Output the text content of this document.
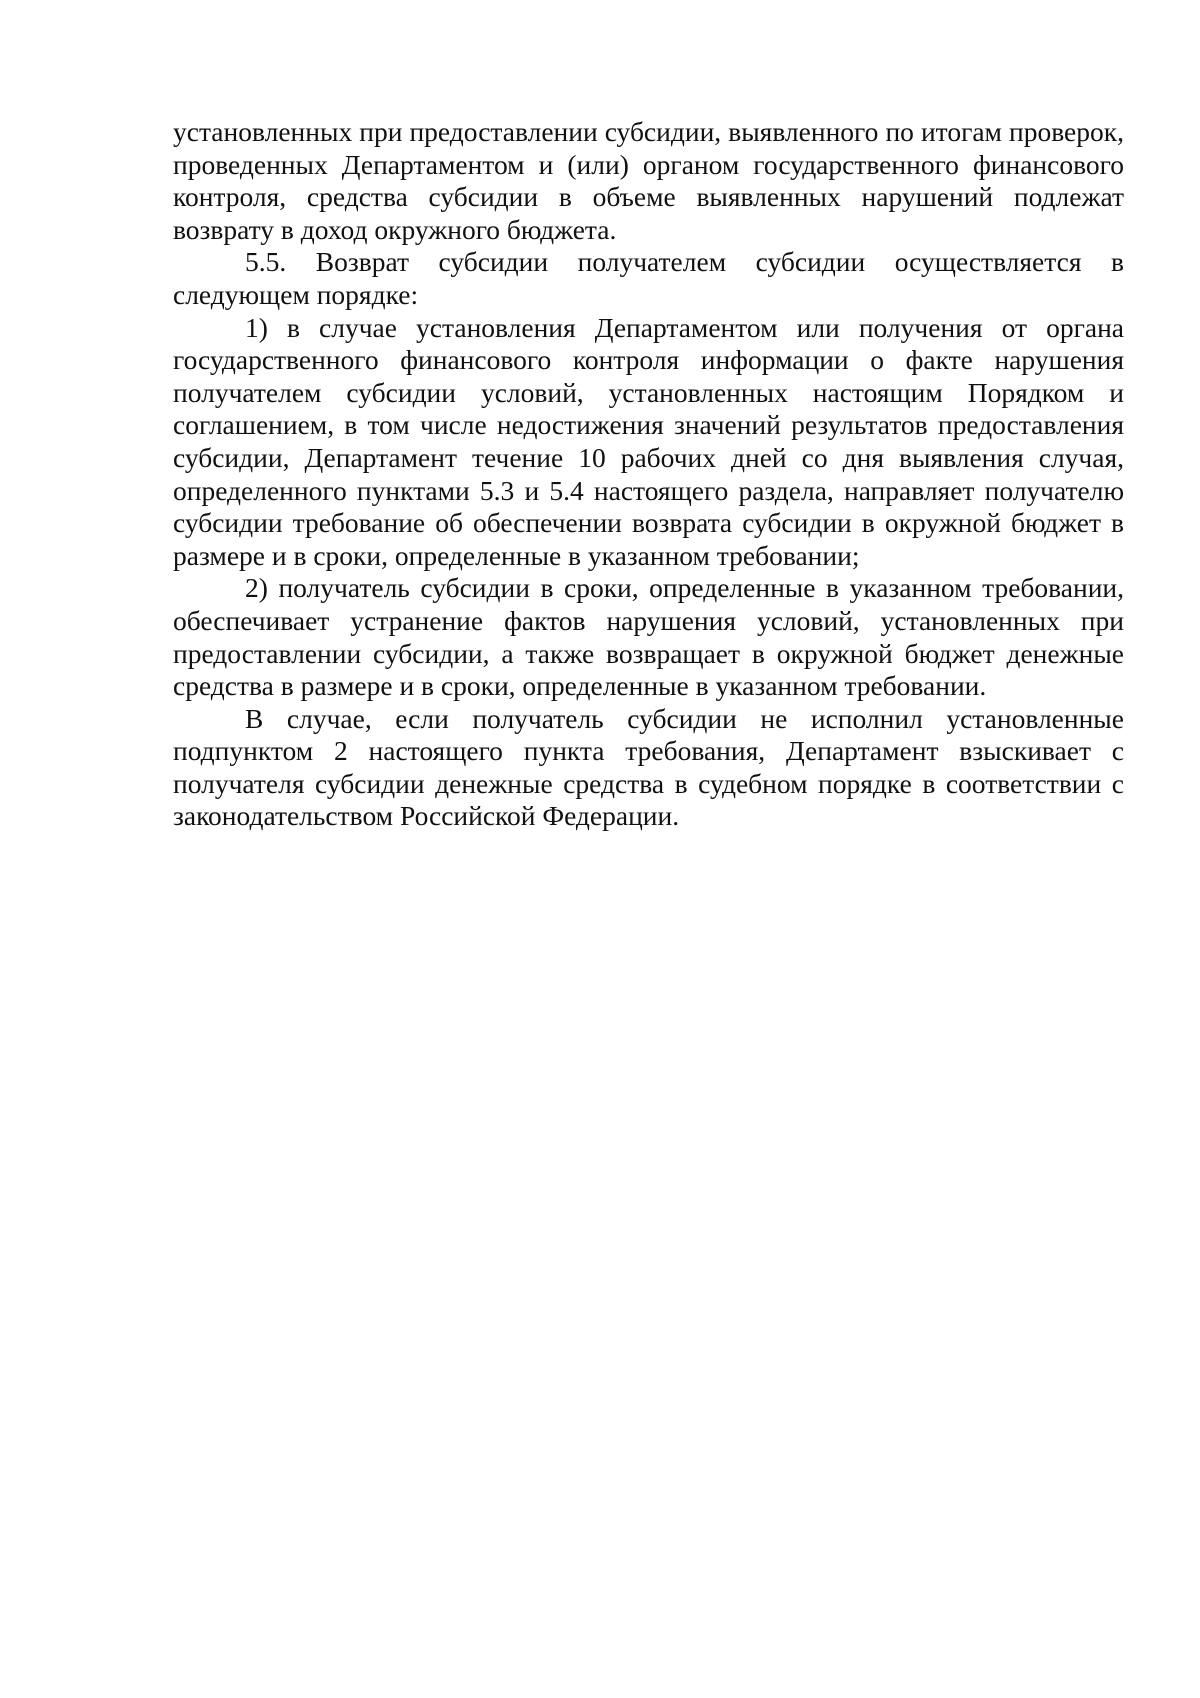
установленных при предоставлении субсидии, выявленного по итогам проверок, проведенных Департаментом и (или) органом государственного финансового контроля, средства субсидии в объеме выявленных нарушений подлежат возврату в доход окружного бюджета.

5.5. Возврат субсидии получателем субсидии осуществляется в следующем порядке:

1) в случае установления Департаментом или получения от органа государственного финансового контроля информации о факте нарушения получателем субсидии условий, установленных настоящим Порядком и соглашением, в том числе недостижения значений результатов предоставления субсидии, Департамент течение 10 рабочих дней со дня выявления случая, определенного пунктами 5.3 и 5.4 настоящего раздела, направляет получателю субсидии требование об обеспечении возврата субсидии в окружной бюджет в размере и в сроки, определенные в указанном требовании;

2) получатель субсидии в сроки, определенные в указанном требовании, обеспечивает устранение фактов нарушения условий, установленных при предоставлении субсидии, а также возвращает в окружной бюджет денежные средства в размере и в сроки, определенные в указанном требовании.

В случае, если получатель субсидии не исполнил установленные подпунктом 2 настоящего пункта требования, Департамент взыскивает с получателя субсидии денежные средства в судебном порядке в соответствии с законодательством Российской Федерации.
